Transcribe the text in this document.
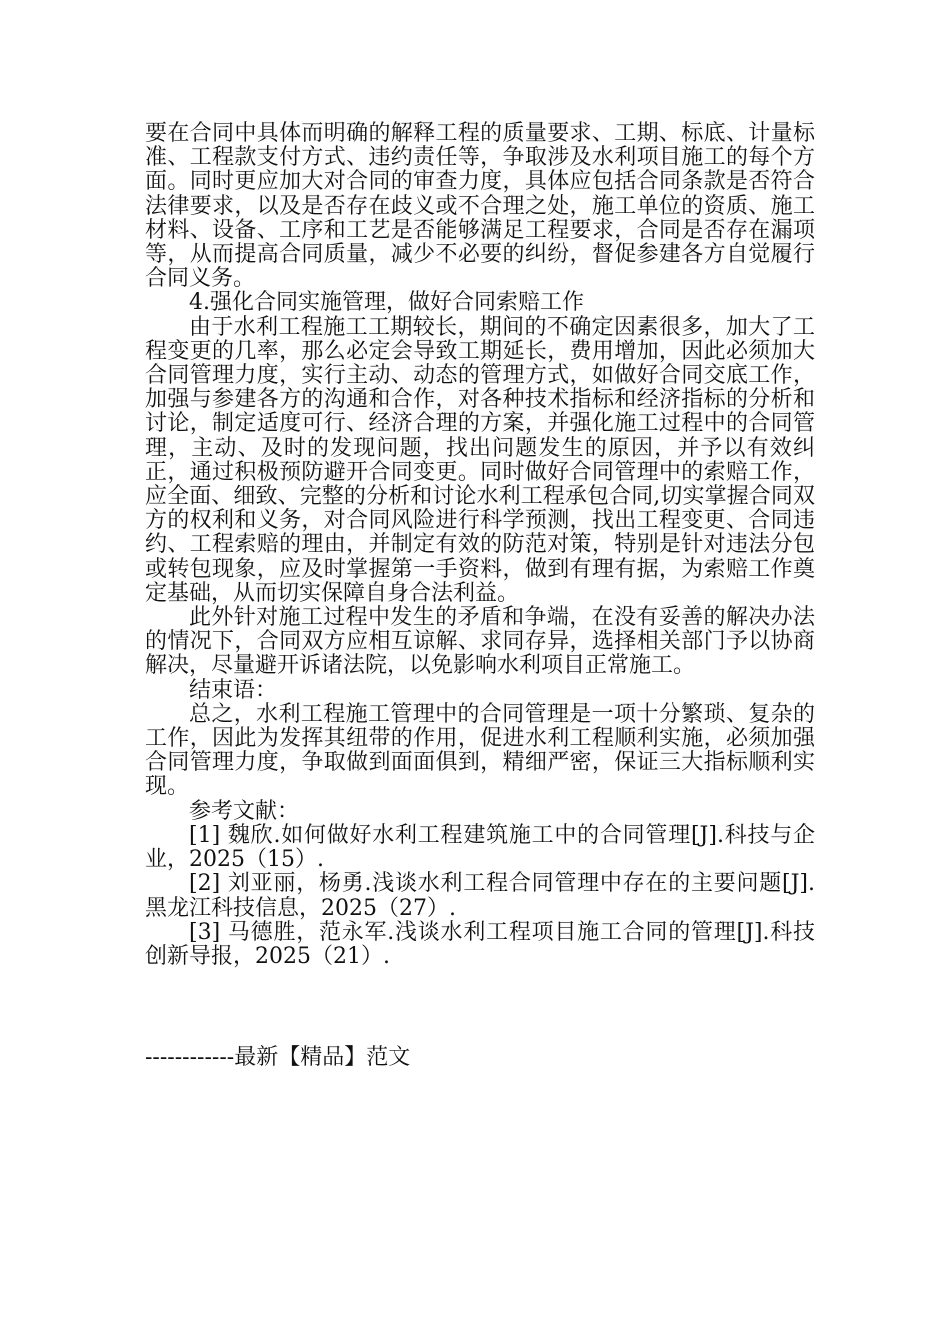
要在合同中具体而明确的解释工程的质量要求、工期、标底、计量标准、工程款支付方式、违约责任等，争取涉及水利项目施工的每个方面。同时更应加大对合同的审查力度，具体应包括合同条款是否符合法律要求，以及是否存在歧义或不合理之处，施工单位的资质、施工材料、设备、工序和工艺是否能够满足工程要求，合同是否存在漏项等，从而提高合同质量，减少不必要的纠纷，督促参建各方自觉履行合同义务。

4.强化合同实施管理，做好合同索赔工作

由于水利工程施工工期较长，期间的不确定因素很多，加大了工程变更的几率，那么必定会导致工期延长，费用增加，因此必须加大合同管理力度，实行主动、动态的管理方式，如做好合同交底工作，加强与参建各方的沟通和合作，对各种技术指标和经济指标的分析和讨论，制定适度可行、经济合理的方案，并强化施工过程中的合同管理，主动、及时的发现问题，找出问题发生的原因，并予以有效纠正，通过积极预防避开合同变更。同时做好合同管理中的索赔工作，应全面、细致、完整的分析和讨论水利工程承包合同,切实掌握合同双方的权利和义务，对合同风险进行科学预测，找出工程变更、合同违约、工程索赔的理由，并制定有效的防范对策，特别是针对违法分包或转包现象，应及时掌握第一手资料，做到有理有据，为索赔工作奠定基础，从而切实保障自身合法利益。

此外针对施工过程中发生的矛盾和争端，在没有妥善的解决办法的情况下，合同双方应相互谅解、求同存异，选择相关部门予以协商解决，尽量避开诉诸法院，以免影响水利项目正常施工。

结束语：

总之，水利工程施工管理中的合同管理是一项十分繁琐、复杂的工作，因此为发挥其纽带的作用，促进水利工程顺利实施，必须加强合同管理力度，争取做到面面俱到，精细严密，保证三大指标顺利实现。

参考文献：

[1] 魏欣.如何做好水利工程建筑施工中的合同管理[J].科技与企业，2025（15）.

[2] 刘亚丽，杨勇.浅谈水利工程合同管理中存在的主要问题[J].黑龙江科技信息，2025（27）.

[3] 马德胜，范永军.浅谈水利工程项目施工合同的管理[J].科技创新导报，2025（21）.

------------最新【精品】范文
